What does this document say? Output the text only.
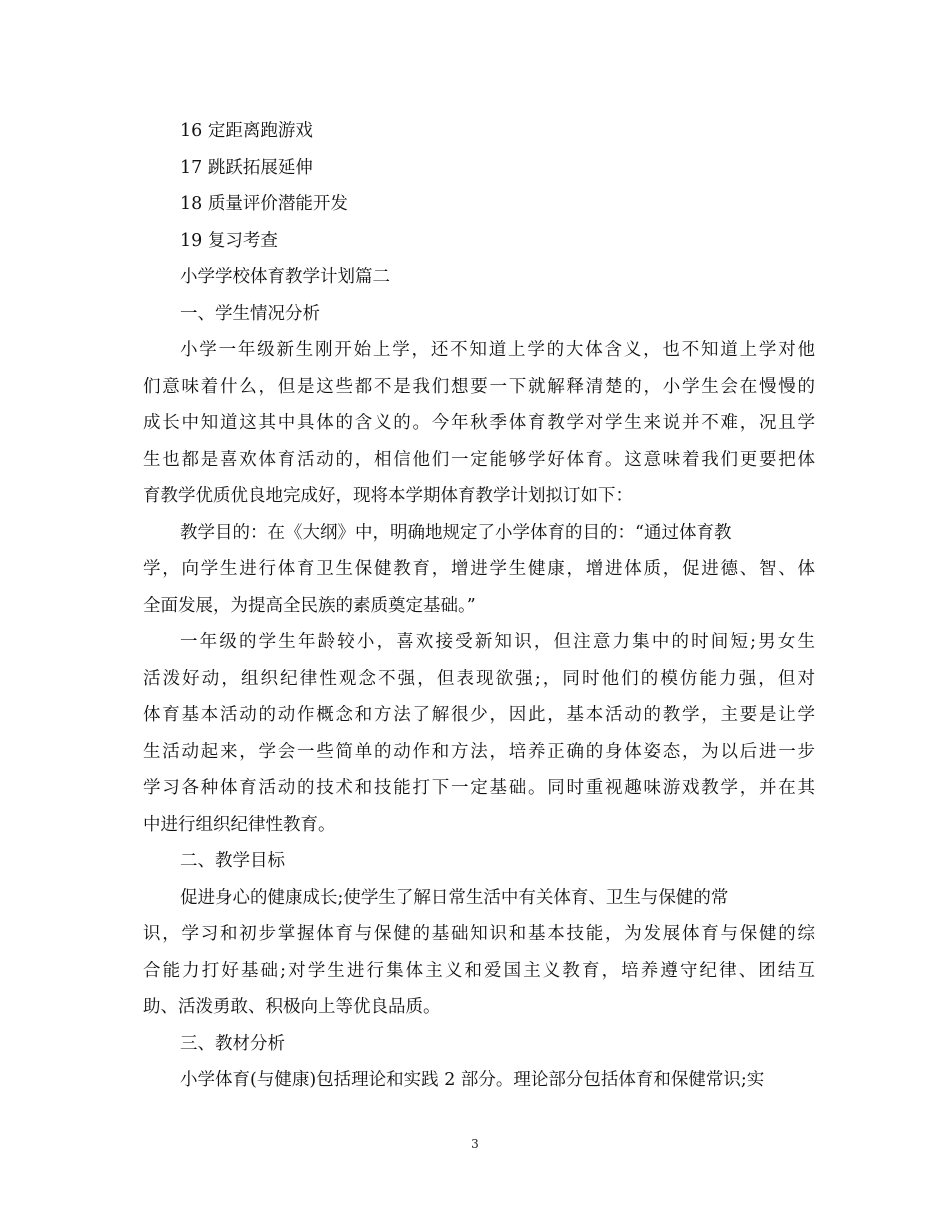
16 定距离跑游戏
17 跳跃拓展延伸
18 质量评价潜能开发
19 复习考查
小学学校体育教学计划篇二
一、学生情况分析
小学一年级新生刚开始上学，还不知道上学的大体含义，也不知道上学对他
们意味着什么，但是这些都不是我们想要一下就解释清楚的，小学生会在慢慢的
成长中知道这其中具体的含义的。今年秋季体育教学对学生来说并不难，况且学
生也都是喜欢体育活动的，相信他们一定能够学好体育。这意味着我们更要把体
育教学优质优良地完成好，现将本学期体育教学计划拟订如下：
教学目的：在《大纲》中，明确地规定了小学体育的目的：“通过体育教
学，向学生进行体育卫生保健教育，增进学生健康，增进体质，促进德、智、体
全面发展，为提高全民族的素质奠定基础。”
一年级的学生年龄较小，喜欢接受新知识，但注意力集中的时间短;男女生
活泼好动，组织纪律性观念不强，但表现欲强;，同时他们的模仿能力强，但对
体育基本活动的动作概念和方法了解很少，因此，基本活动的教学，主要是让学
生活动起来，学会一些简单的动作和方法，培养正确的身体姿态，为以后进一步
学习各种体育活动的技术和技能打下一定基础。同时重视趣味游戏教学，并在其
中进行组织纪律性教育。
二、教学目标
促进身心的健康成长;使学生了解日常生活中有关体育、卫生与保健的常
识，学习和初步掌握体育与保健的基础知识和基本技能，为发展体育与保健的综
合能力打好基础;对学生进行集体主义和爱国主义教育，培养遵守纪律、团结互
助、活泼勇敢、积极向上等优良品质。
三、教材分析
小学体育(与健康)包括理论和实践 2 部分。理论部分包括体育和保健常识;实
3
